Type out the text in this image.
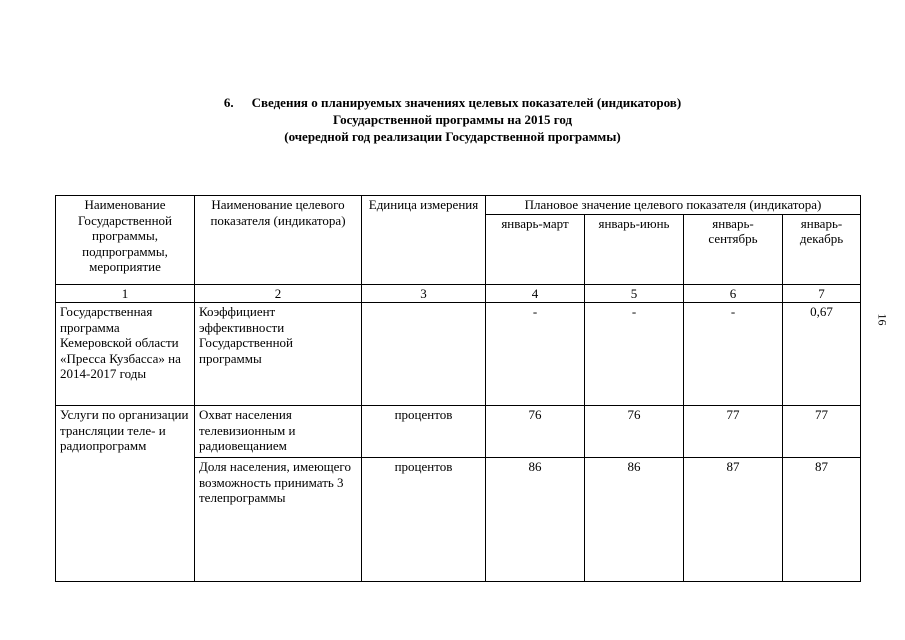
6. Сведения о планируемых значениях целевых показателей (индикаторов)
Государственной программы на 2015 год
(очередной год реализации Государственной программы)
16
Наименование Государственной программы, подпрограммы, мероприятие	Наименование целевого показателя (индикатора)	Единица измерения	Плановое значение целевого показателя (индикатора)			
			январь-март	январь-июнь	январь-сентябрь	январь-декабрь
1	2	3	4	5	6	7
Государственная программа Кемеровской области «Пресса Кузбасса» на 2014-2017 годы	Коэффициент эффективности Государственной программы		-	-	-	0,67
Услуги по организации трансляции теле- и радиопрограмм	Охват населения телевизионным и радиовещанием	процентов	76	76	77	77
	Доля населения, имеющего возможность принимать 3 телепрограммы	процентов	86	86	87	87
